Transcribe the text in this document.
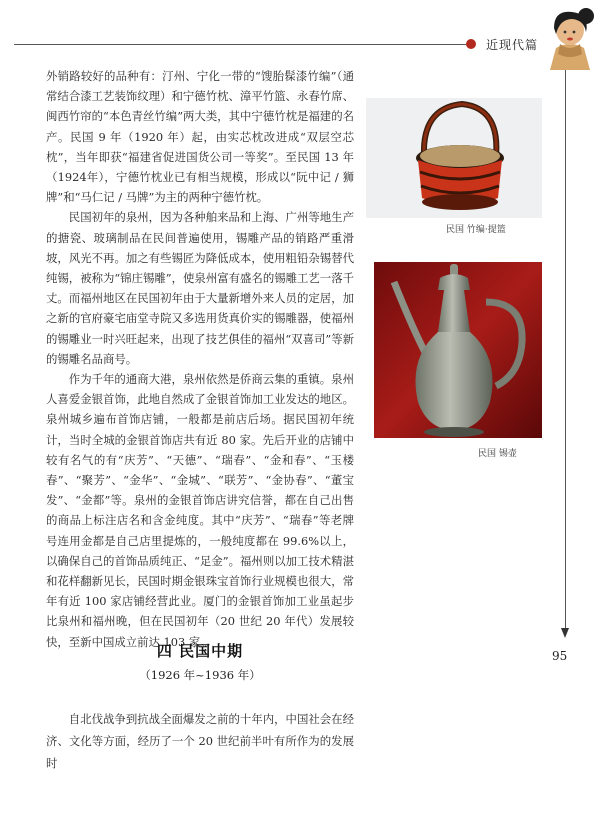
近现代篇

外销路较好的品种有：汀州、宁化一带的“馊胎髹漆竹编”（通常结合漆工艺装饰纹理）和宁德竹枕、漳平竹篮、永春竹席、闽西竹帘的“本色青丝竹编”两大类，其中宁德竹枕是福建的名产。民国 9 年（1920 年）起，由实芯枕改进成“双层空芯枕”，当年即获“福建省促进国货公司一等奖”。至民国 13 年（1924年），宁德竹枕业已有相当规模，形成以“阮中记 / 狮牌”和“马仁记 / 马牌”为主的两种宁德竹枕。

民国初年的泉州，因为各种舶来品和上海、广州等地生产的搪瓷、玻璃制品在民间普遍使用，锡雕产品的销路严重滑坡，风光不再。加之有些锡匠为降低成本，使用粗铅杂锡替代纯锡，被称为“锦庄锡雕”，使泉州富有盛名的锡雕工艺一落千丈。而福州地区在民国初年由于大量新增外来人员的定居，加之新的官府豪宅庙堂寺院又多选用货真价实的锡雕器，使福州的锡雕业一时兴旺起来，出现了技艺俱佳的福州“双喜司”等新的锡雕名品商号。

作为千年的通商大港，泉州依然是侨商云集的重镇。泉州人喜爱金银首饰，此地自然成了金银首饰加工业发达的地区。泉州城乡遍布首饰店铺，一般都是前店后场。据民国初年统计，当时全城的金银首饰店共有近 80 家。先后开业的店铺中较有名气的有“庆芳”、“天德”、“瑞春”、“金和春”、“玉楼春”、“聚芳”、“金华”、“金城”、“联芳”、“金协春”、“董宝发”、“金都”等。泉州的金银首饰店讲究信誉，都在自己出售的商品上标注店名和含金纯度。其中“庆芳”、“瑞春”等老牌号连用金都是自己店里提炼的，一般纯度都在 99.6%以上，以确保自己的首饰品质纯正、“足金”。福州则以加工技术精湛和花样翻新见长，民国时期金银珠宝首饰行业规模也很大，常年有近 100 家店铺经营此业。厦门的金银首饰加工业虽起步比泉州和福州晚，但在民国初年（20 世纪 20 年代）发展较快，至新中国成立前达 103 家。

民国 竹编·提篮
民国 锡壶
95
四 民国中期
（1926 年~1936 年）

自北伐战争到抗战全面爆发之前的十年内，中国社会在经济、文化等方面，经历了一个 20 世纪前半叶有所作为的发展时
